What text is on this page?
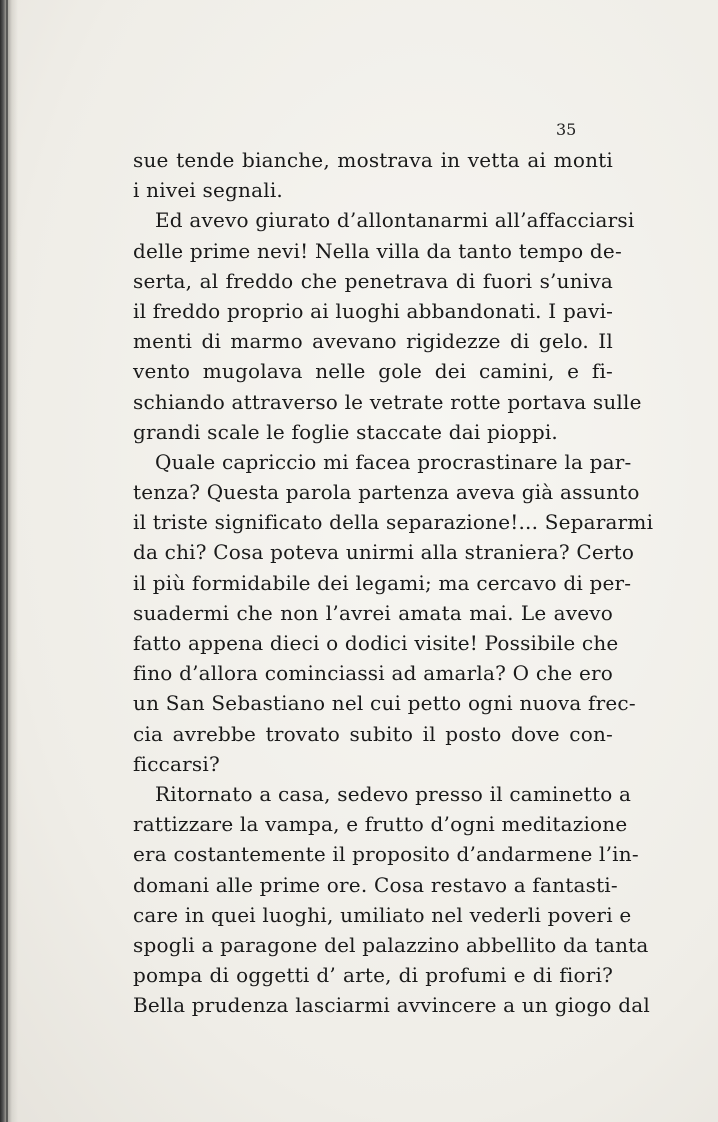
35
sue tende bianche, mostrava in vetta ai monti
i nivei segnali.
Ed avevo giurato d’allontanarmi all’affacciarsi
delle prime nevi! Nella villa da tanto tempo de-
serta, al freddo che penetrava di fuori s’univa
il freddo proprio ai luoghi abbandonati. I pavi-
menti di marmo avevano rigidezze di gelo. Il
vento mugolava nelle gole dei camini, e fi-
schiando attraverso le vetrate rotte portava sulle
grandi scale le foglie staccate dai pioppi.
Quale capriccio mi facea procrastinare la par-
tenza? Questa parola partenza aveva già assunto
il triste significato della separazione!... Separarmi
da chi? Cosa poteva unirmi alla straniera? Certo
il più formidabile dei legami; ma cercavo di per-
suadermi che non l’avrei amata mai. Le avevo
fatto appena dieci o dodici visite! Possibile che
fino d’allora cominciassi ad amarla? O che ero
un San Sebastiano nel cui petto ogni nuova frec-
cia avrebbe trovato subito il posto dove con-
ficcarsi?
Ritornato a casa, sedevo presso il caminetto a
rattizzare la vampa, e frutto d’ogni meditazione
era costantemente il proposito d’andarmene l’in-
domani alle prime ore. Cosa restavo a fantasti-
care in quei luoghi, umiliato nel vederli poveri e
spogli a paragone del palazzino abbellito da tanta
pompa di oggetti d’ arte, di profumi e di fiori?
Bella prudenza lasciarmi avvincere a un giogo dal
